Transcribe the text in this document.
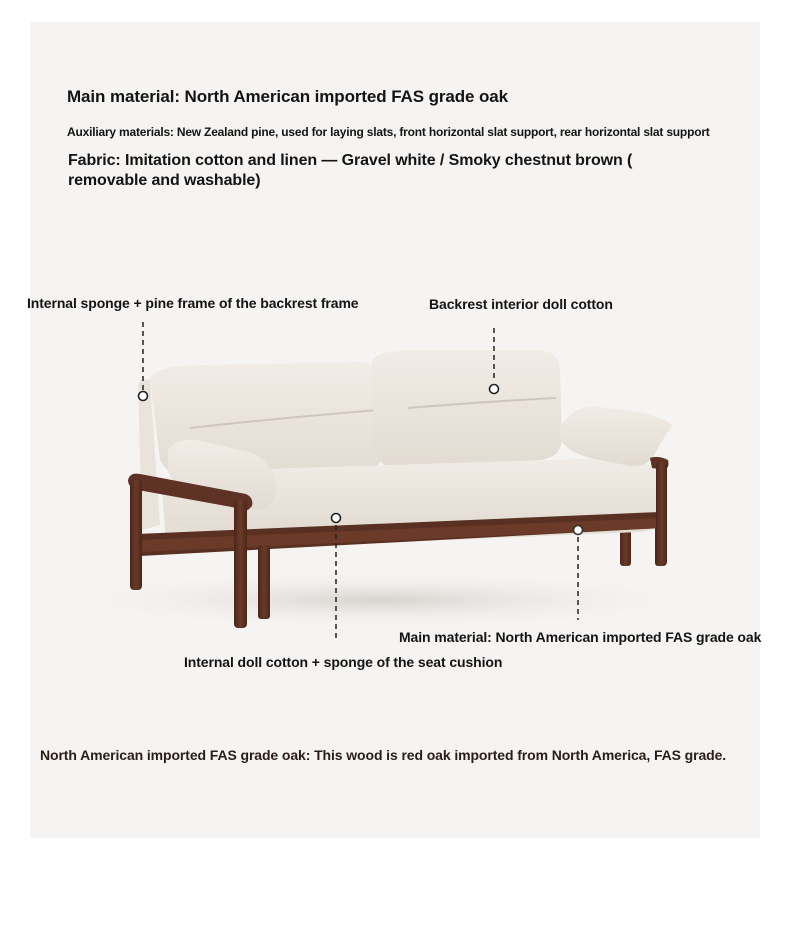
Main material: North American imported FAS grade oak
Auxiliary materials: New Zealand pine, used for laying slats, front horizontal slat support, rear horizontal slat support
Fabric: Imitation cotton and linen — Gravel white / Smoky chestnut brown (
removable and washable)
Internal sponge + pine frame of the backrest frame	Backrest interior doll cotton
Main material: North American imported FAS grade oak
Internal doll cotton + sponge of the seat cushion
North American imported FAS grade oak: This wood is red oak imported from North America, FAS grade.
